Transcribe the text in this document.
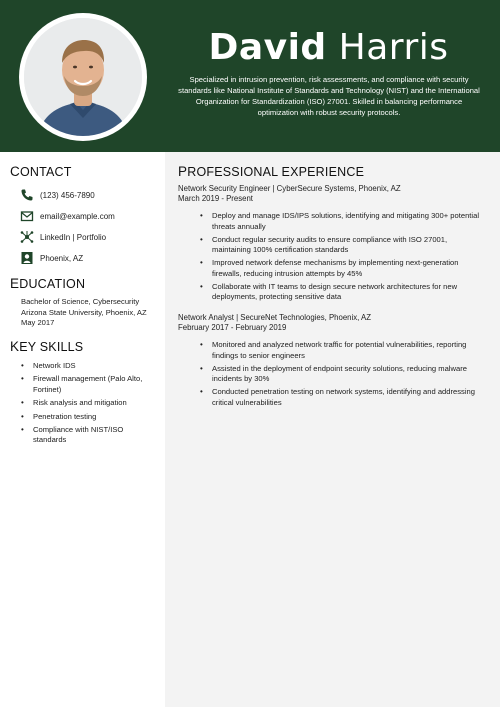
David Harris
Specialized in intrusion prevention, risk assessments, and compliance with security standards like National Institute of Standards and Technology (NIST) and the International Organization for Standardization (ISO) 27001. Skilled in balancing performance optimization with robust security protocols.
CONTACT
(123) 456-7890
email@example.com
LinkedIn | Portfolio
Phoenix, AZ
EDUCATION
Bachelor of Science, Cybersecurity
Arizona State University, Phoenix, AZ
May 2017
KEY SKILLS
• Network IDS
• Firewall management (Palo Alto, Fortinet)
• Risk analysis and mitigation
• Penetration testing
• Compliance with NIST/ISO standards
PROFESSIONAL EXPERIENCE
Network Security Engineer | CyberSecure Systems, Phoenix, AZ
March 2019 - Present
• Deploy and manage IDS/IPS solutions, identifying and mitigating 300+ potential threats annually
• Conduct regular security audits to ensure compliance with ISO 27001, maintaining 100% certification standards
• Improved network defense mechanisms by implementing next-generation firewalls, reducing intrusion attempts by 45%
• Collaborate with IT teams to design secure network architectures for new deployments, protecting sensitive data
Network Analyst | SecureNet Technologies, Phoenix, AZ
February 2017 - February 2019
• Monitored and analyzed network traffic for potential vulnerabilities, reporting findings to senior engineers
• Assisted in the deployment of endpoint security solutions, reducing malware incidents by 30%
• Conducted penetration testing on network systems, identifying and addressing critical vulnerabilities
